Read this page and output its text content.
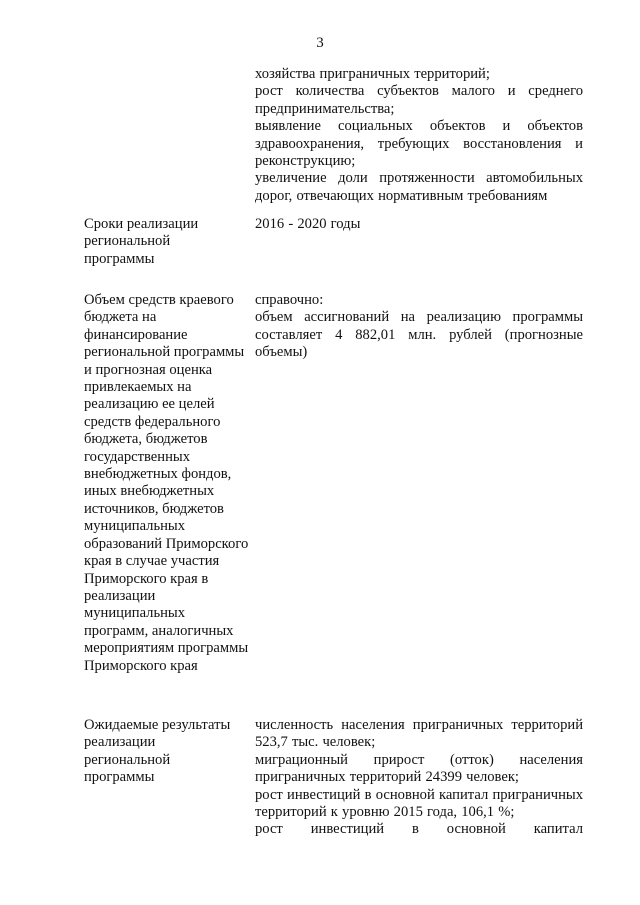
3

хозяйства приграничных территорий;

рост количества субъектов малого и среднего предпринимательства;

выявление социальных объектов и объектов здравоохранения, требующих восстановления и реконструкцию;

увеличение доли протяженности автомобильных дорог, отвечающих нормативным требованиям

Сроки реализации региональной программы

2016 - 2020 годы

Объем средств краевого бюджета на финансирование региональной программы и прогнозная оценка привлекаемых на реализацию ее целей средств федерального бюджета, бюджетов государственных внебюджетных фондов, иных внебюджетных источников, бюджетов муниципальных образований Приморского края в случае участия Приморского края в реализации муниципальных программ, аналогичных мероприятиям программы Приморского края

справочно:

объем ассигнований на реализацию программы составляет 4 882,01 млн. рублей (прогнозные объемы)

Ожидаемые результаты реализации региональной программы

численность населения приграничных территорий 523,7 тыс. человек;

миграционный прирост (отток) населения приграничных территорий 24399 человек;

рост инвестиций в основной капитал приграничных территорий к уровню 2015 года, 106,1 %;

рост инвестиций в основной капитал
